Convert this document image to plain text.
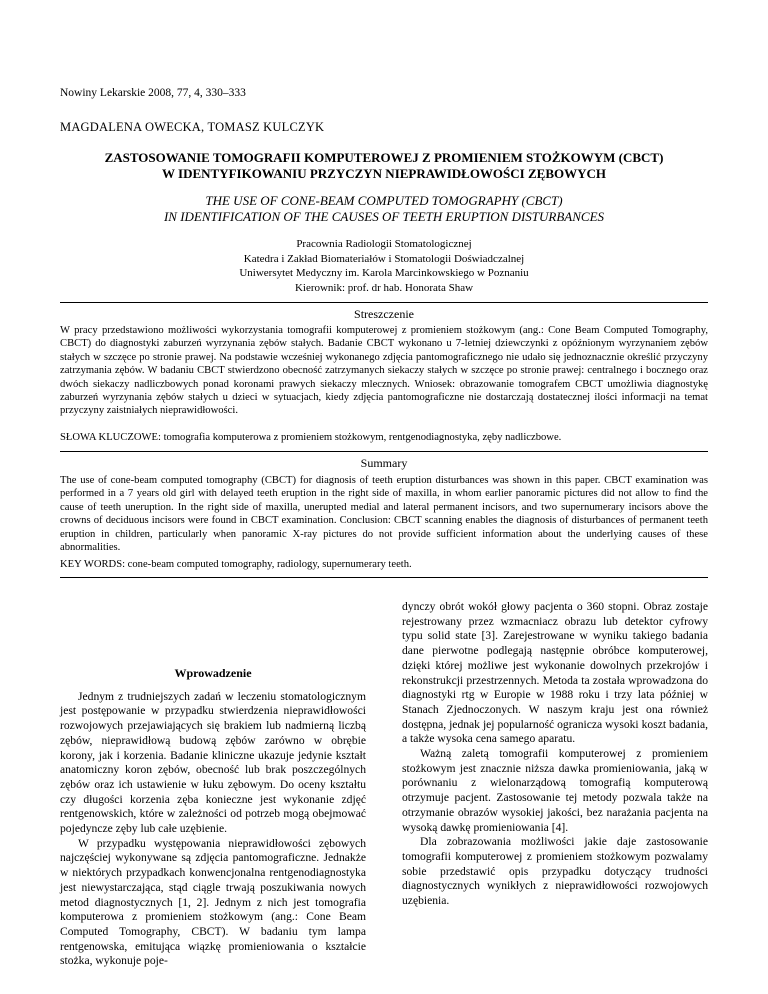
Nowiny Lekarskie 2008, 77, 4, 330–333
MAGDALENA OWECKA, TOMASZ KULCZYK
ZASTOSOWANIE TOMOGRAFII KOMPUTEROWEJ Z PROMIENIEM STOŻKOWYM (CBCT)
W IDENTYFIKOWANIU PRZYCZYN NIEPRAWIDŁOWOŚCI ZĘBOWYCH
THE USE OF CONE-BEAM COMPUTED TOMOGRAPHY (CBCT)
IN IDENTIFICATION OF THE CAUSES OF TEETH ERUPTION DISTURBANCES
Pracownia Radiologii Stomatologicznej
Katedra i Zakład Biomateriałów i Stomatologii Doświadczalnej
Uniwersytet Medyczny im. Karola Marcinkowskiego w Poznaniu
Kierownik: prof. dr hab. Honorata Shaw
Streszczenie
W pracy przedstawiono możliwości wykorzystania tomografii komputerowej z promieniem stożkowym (ang.: Cone Beam Computed Tomography, CBCT) do diagnostyki zaburzeń wyrzynania zębów stałych. Badanie CBCT wykonano u 7-letniej dziewczynki z opóźnionym wyrzynaniem zębów stałych w szczęce po stronie prawej. Na podstawie wcześniej wykonanego zdjęcia pantomograficznego nie udało się jednoznacznie określić przyczyny zatrzymania zębów. W badaniu CBCT stwierdzono obecność zatrzymanych siekaczy stałych w szczęce po stronie prawej: centralnego i bocznego oraz dwóch siekaczy nadliczbowych ponad koronami prawych siekaczy mlecznych. Wniosek: obrazowanie tomografem CBCT umożliwia diagnostykę zaburzeń wyrzynania zębów stałych u dzieci w sytuacjach, kiedy zdjęcia pantomograficzne nie dostarczają dostatecznej ilości informacji na temat przyczyny zaistniałych nieprawidłowości.
SŁOWA KLUCZOWE: tomografia komputerowa z promieniem stożkowym, rentgenodiagnostyka, zęby nadliczbowe.
Summary
The use of cone-beam computed tomography (CBCT) for diagnosis of teeth eruption disturbances was shown in this paper. CBCT examination was performed in a 7 years old girl with delayed teeth eruption in the right side of maxilla, in whom earlier panoramic pictures did not allow to find the cause of teeth uneruption. In the right side of maxilla, unerupted medial and lateral permanent incisors, and two supernumerary incisors above the crowns of deciduous incisors were found in CBCT examination. Conclusion: CBCT scanning enables the diagnosis of disturbances of permanent teeth eruption in children, particularly when panoramic X-ray pictures do not provide sufficient information about the underlying causes of these abnormalities.
KEY WORDS: cone-beam computed tomography, radiology, supernumerary teeth.
Wprowadzenie

Jednym z trudniejszych zadań w leczeniu stomatologicznym jest postępowanie w przypadku stwierdzenia nieprawidłowości rozwojowych przejawiających się brakiem lub nadmierną liczbą zębów, nieprawidłową budową zębów zarówno w obrębie korony, jak i korzenia. Badanie kliniczne ukazuje jedynie kształt anatomiczny koron zębów, obecność lub brak poszczególnych zębów oraz ich ustawienie w łuku zębowym. Do oceny kształtu czy długości korzenia zęba konieczne jest wykonanie zdjęć rentgenowskich, które w zależności od potrzeb mogą obejmować pojedyncze zęby lub całe uzębienie.

W przypadku występowania nieprawidłowości zębowych najczęściej wykonywane są zdjęcia pantomograficzne. Jednakże w niektórych przypadkach konwencjonalna rentgenodiagnostyka jest niewystarczająca, stąd ciągle trwają poszukiwania nowych metod diagnostycznych [1, 2]. Jednym z nich jest tomografia komputerowa z promieniem stożkowym (ang.: Cone Beam Computed Tomography, CBCT). W badaniu tym lampa rentgenowska, emitująca wiązkę promieniowania o kształcie stożka, wykonuje poje-

dynczy obrót wokół głowy pacjenta o 360 stopni. Obraz zostaje rejestrowany przez wzmacniacz obrazu lub detektor cyfrowy typu solid state [3]. Zarejestrowane w wyniku takiego badania dane pierwotne podlegają następnie obróbce komputerowej, dzięki której możliwe jest wykonanie dowolnych przekrojów i rekonstrukcji przestrzennych. Metoda ta została wprowadzona do diagnostyki rtg w Europie w 1988 roku i trzy lata później w Stanach Zjednoczonych. W naszym kraju jest ona również dostępna, jednak jej popularność ogranicza wysoki koszt badania, a także wysoka cena samego aparatu.

Ważną zaletą tomografii komputerowej z promieniem stożkowym jest znacznie niższa dawka promieniowania, jaką w porównaniu z wielonarządową tomografią komputerową otrzymuje pacjent. Zastosowanie tej metody pozwala także na otrzymanie obrazów wysokiej jakości, bez narażania pacjenta na wysoką dawkę promieniowania [4].

Dla zobrazowania możliwości jakie daje zastosowanie tomografii komputerowej z promieniem stożkowym pozwalamy sobie przedstawić opis przypadku dotyczący trudności diagnostycznych wynikłych z nieprawidłowości rozwojowych uzębienia.
